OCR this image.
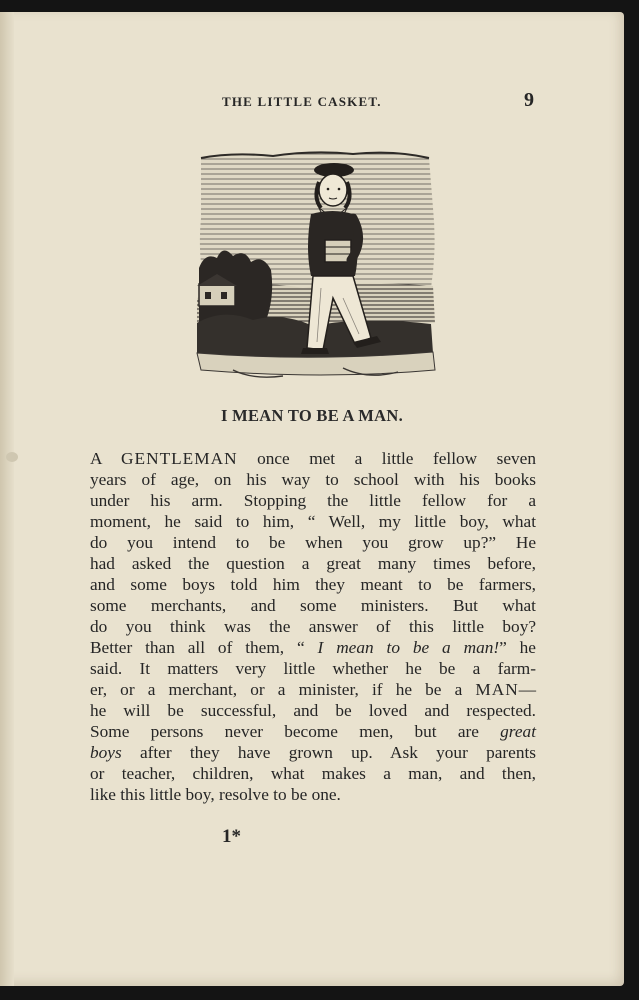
THE LITTLE CASKET.	9
I MEAN TO BE A MAN.
A GENTLEMAN once met a little fellow seven
years of age, on his way to school with his books
under his arm. Stopping the little fellow for a
moment, he said to him, “ Well, my little boy, what
do you intend to be when you grow up?” He
had asked the question a great many times before,
and some boys told him they meant to be farmers,
some merchants, and some ministers. But what
do you think was the answer of this little boy?
Better than all of them, “ I mean to be a man!” he
said. It matters very little whether he be a farm-
er, or a merchant, or a minister, if he be a MAN—
he will be successful, and be loved and respected.
Some persons never become men, but are great
boys after they have grown up. Ask your parents
or teacher, children, what makes a man, and then,
like this little boy, resolve to be one.
1*
